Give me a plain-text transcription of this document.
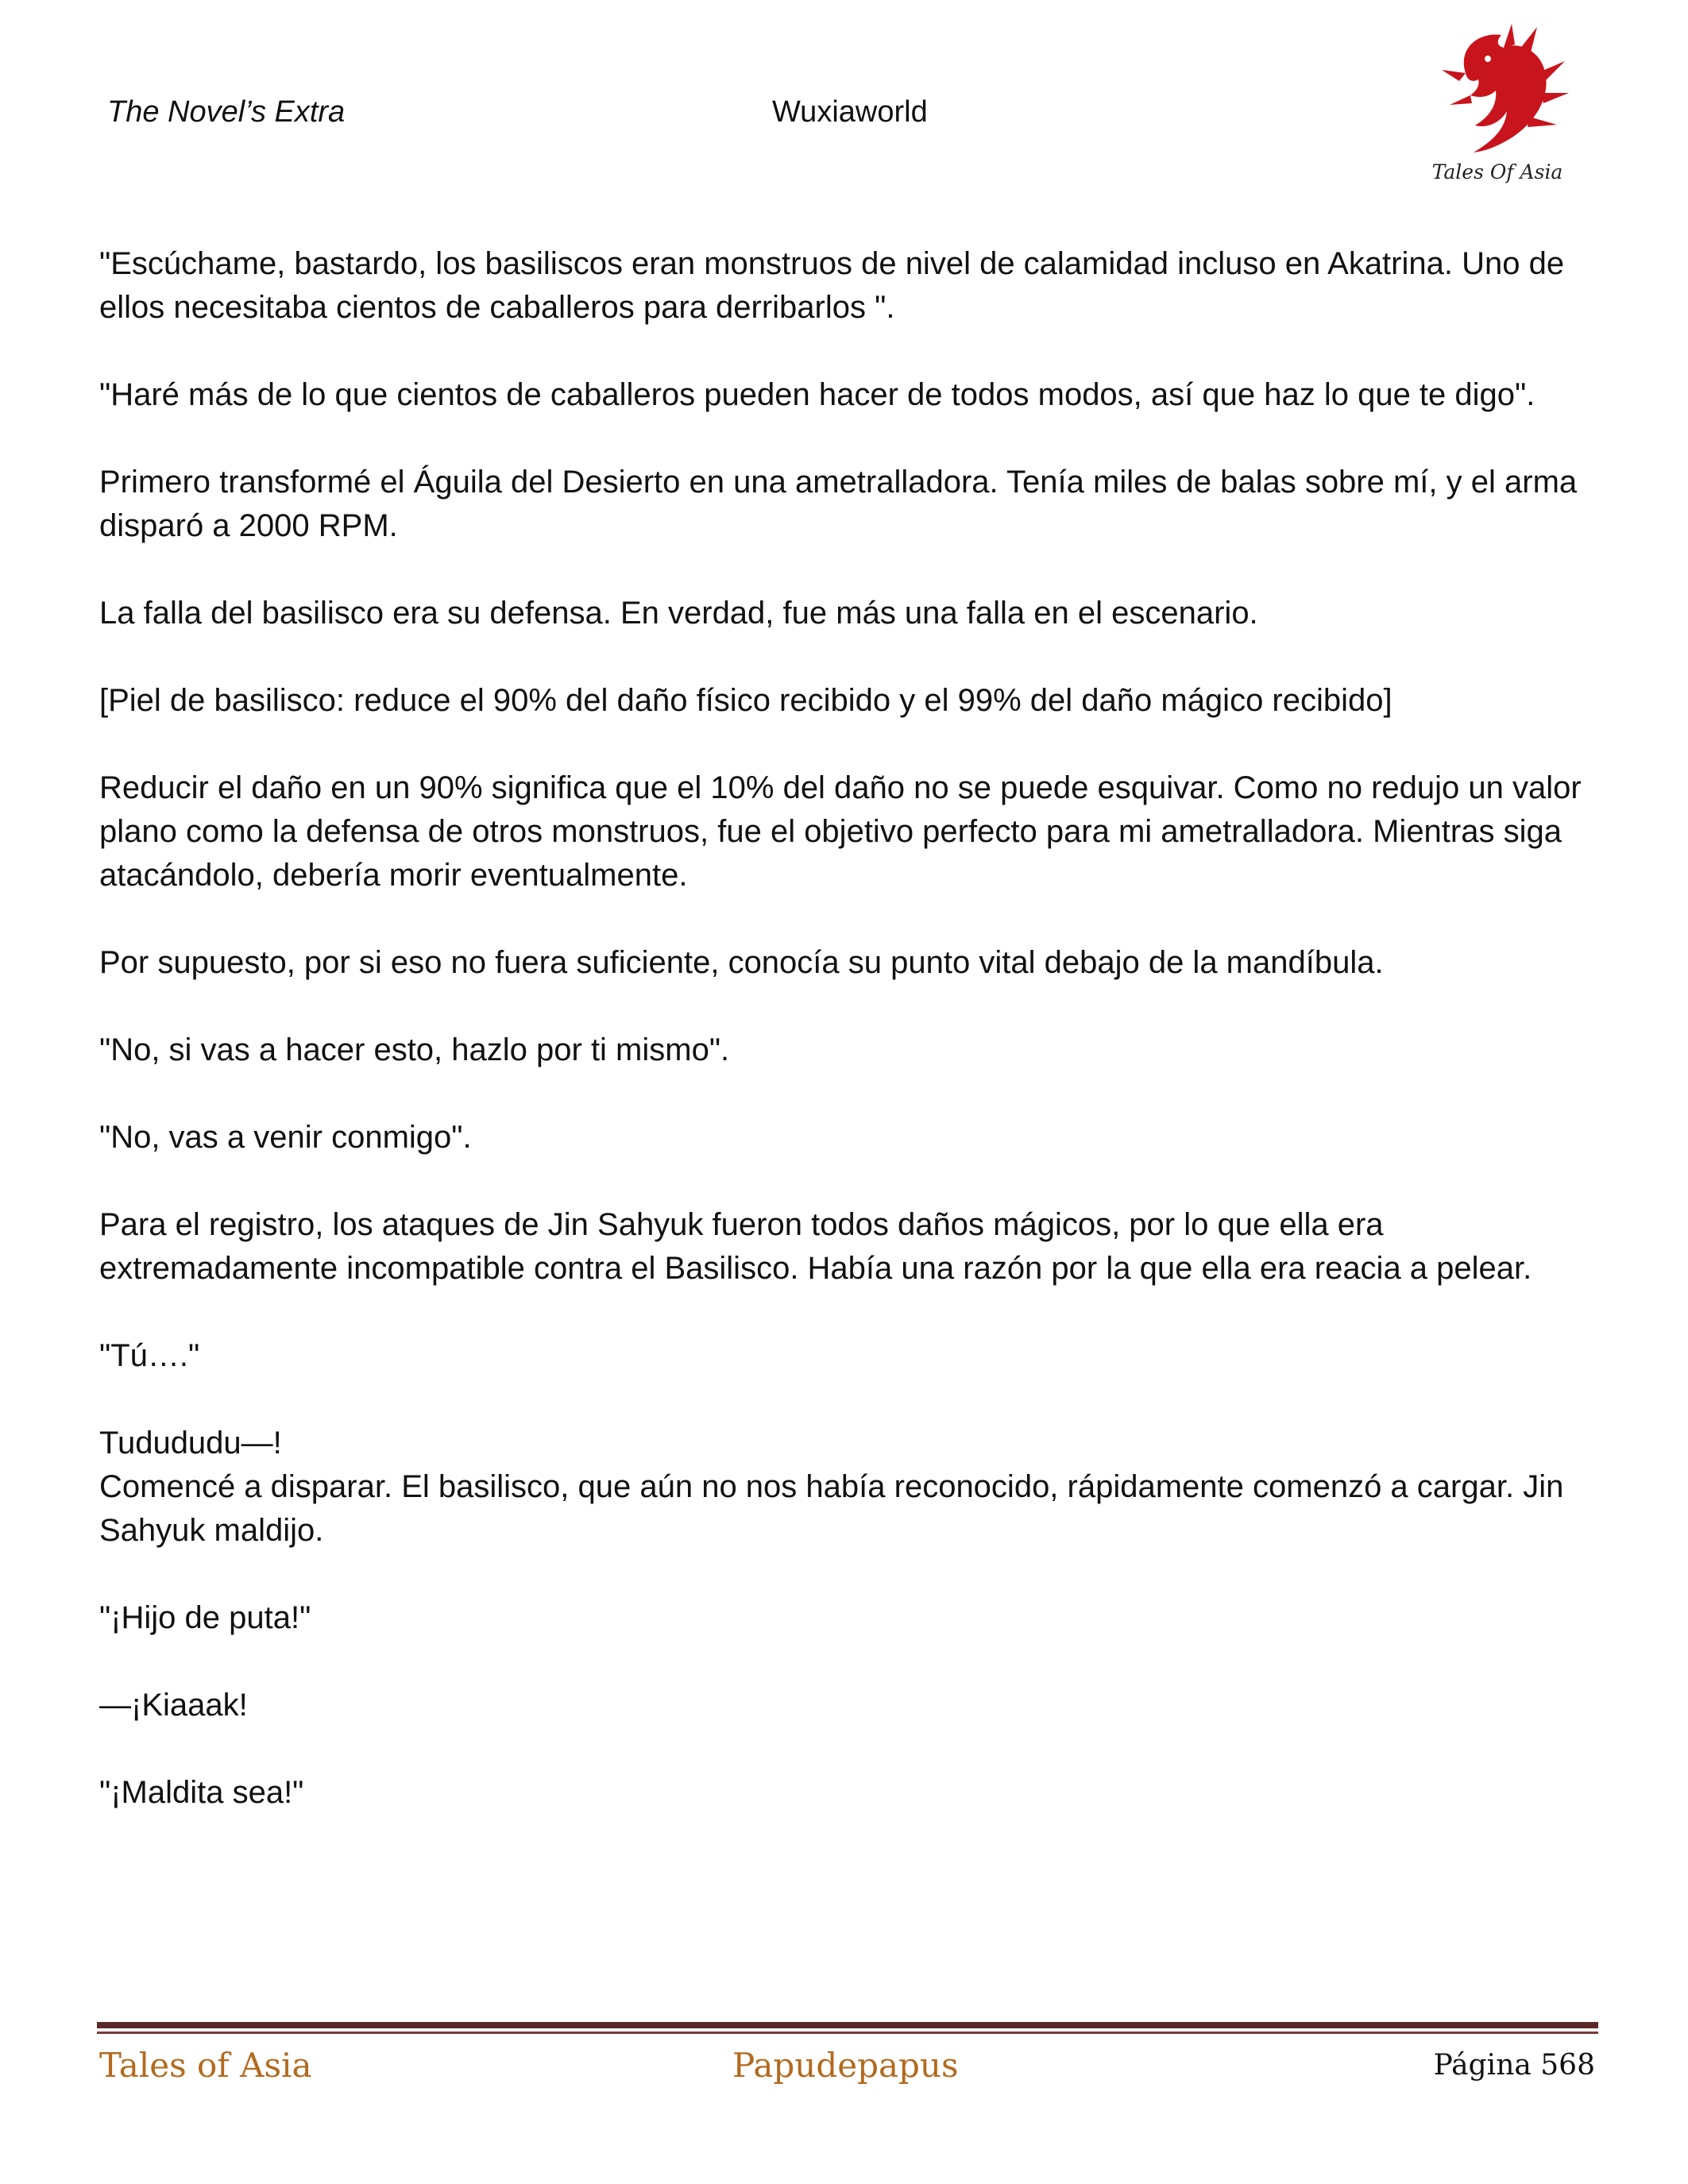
The Novel’s Extra	Wuxiaworld
Tales Of Asia

"Escúchame, bastardo, los basiliscos eran monstruos de nivel de calamidad incluso en Akatrina. Uno de ellos necesitaba cientos de caballeros para derribarlos ".

"Haré más de lo que cientos de caballeros pueden hacer de todos modos, así que haz lo que te digo".

Primero transformé el Águila del Desierto en una ametralladora. Tenía miles de balas sobre mí, y el arma disparó a 2000 RPM.

La falla del basilisco era su defensa. En verdad, fue más una falla en el escenario.

[Piel de basilisco: reduce el 90% del daño físico recibido y el 99% del daño mágico recibido]

Reducir el daño en un 90% significa que el 10% del daño no se puede esquivar. Como no redujo un valor plano como la defensa de otros monstruos, fue el objetivo perfecto para mi ametralladora. Mientras siga atacándolo, debería morir eventualmente.

Por supuesto, por si eso no fuera suficiente, conocía su punto vital debajo de la mandíbula.

"No, si vas a hacer esto, hazlo por ti mismo".

"No, vas a venir conmigo".

Para el registro, los ataques de Jin Sahyuk fueron todos daños mágicos, por lo que ella era extremadamente incompatible contra el Basilisco. Había una razón por la que ella era reacia a pelear.

"Tú…."

Tudududu—!

Comencé a disparar. El basilisco, que aún no nos había reconocido, rápidamente comenzó a cargar. Jin Sahyuk maldijo.

"¡Hijo de puta!"

—¡Kiaaak!

"¡Maldita sea!"

Tales of Asia	Papudepapus	Página 568
